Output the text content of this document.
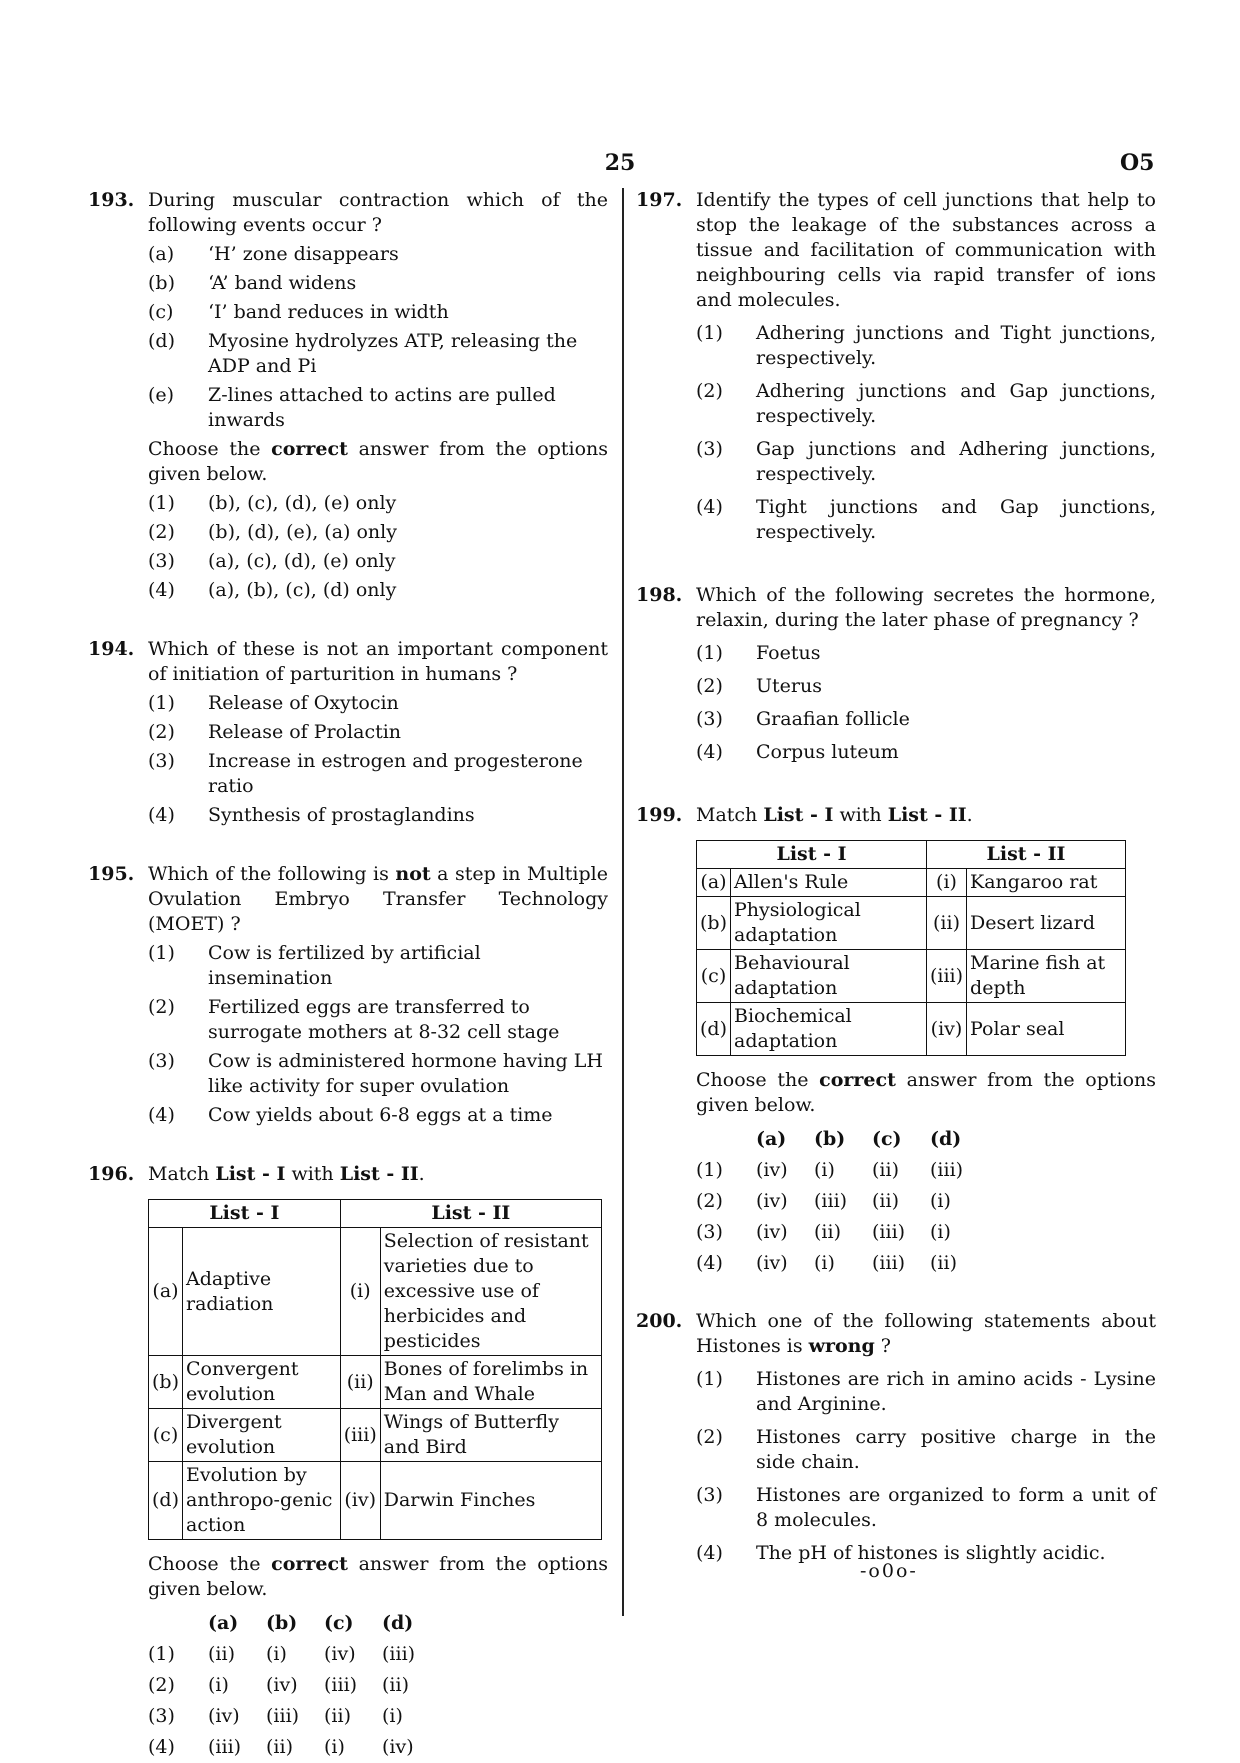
25	O5
193. During muscular contraction which of the following events occur ?
(a)	‘H’ zone disappears
(b)	‘A’ band widens
(c)	‘I’ band reduces in width
(d)	Myosine hydrolyzes ATP, releasing the ADP and Pi
(e)	Z-lines attached to actins are pulled inwards
Choose the correct answer from the options given below.
(1)	(b), (c), (d), (e) only
(2)	(b), (d), (e), (a) only
(3)	(a), (c), (d), (e) only
(4)	(a), (b), (c), (d) only
194. Which of these is not an important component of initiation of parturition in humans ?
(1)	Release of Oxytocin
(2)	Release of Prolactin
(3)	Increase in estrogen and progesterone ratio
(4)	Synthesis of prostaglandins
195. Which of the following is not a step in Multiple Ovulation Embryo Transfer Technology (MOET) ?
(1)	Cow is fertilized by artificial insemination
(2)	Fertilized eggs are transferred to surrogate mothers at 8-32 cell stage
(3)	Cow is administered hormone having LH like activity for super ovulation
(4)	Cow yields about 6-8 eggs at a time
196. Match List - I with List - II.
List - I		List - II	
(a)	Adaptive radiation	(i)	Selection of resistant varieties due to excessive use of herbicides and pesticides
(b)	Convergent evolution	(ii)	Bones of forelimbs in Man and Whale
(c)	Divergent evolution	(iii)	Wings of Butterfly and Bird
(d)	Evolution by anthropo-genic action	(iv)	Darwin Finches
Choose the correct answer from the options given below.
	(a)	(b)	(c)	(d)
(1)	(ii)	(i)	(iv)	(iii)
(2)	(i)	(iv)	(iii)	(ii)
(3)	(iv)	(iii)	(ii)	(i)
(4)	(iii)	(ii)	(i)	(iv)
197. Identify the types of cell junctions that help to stop the leakage of the substances across a tissue and facilitation of communication with neighbouring cells via rapid transfer of ions and molecules.
(1)	Adhering junctions and Tight junctions, respectively.
(2)	Adhering junctions and Gap junctions, respectively.
(3)	Gap junctions and Adhering junctions, respectively.
(4)	Tight junctions and Gap junctions, respectively.
198. Which of the following secretes the hormone, relaxin, during the later phase of pregnancy ?
(1)	Foetus
(2)	Uterus
(3)	Graafian follicle
(4)	Corpus luteum
199. Match List - I with List - II.
List - I		List - II	
(a)	Allen's Rule	(i)	Kangaroo rat
(b)	Physiological adaptation	(ii)	Desert lizard
(c)	Behavioural adaptation	(iii)	Marine fish at depth
(d)	Biochemical adaptation	(iv)	Polar seal
Choose the correct answer from the options given below.
	(a)	(b)	(c)	(d)
(1)	(iv)	(i)	(ii)	(iii)
(2)	(iv)	(iii)	(ii)	(i)
(3)	(iv)	(ii)	(iii)	(i)
(4)	(iv)	(i)	(iii)	(ii)
200. Which one of the following statements about Histones is wrong ?
(1)	Histones are rich in amino acids - Lysine and Arginine.
(2)	Histones carry positive charge in the side chain.
(3)	Histones are organized to form a unit of 8 molecules.
(4)	The pH of histones is slightly acidic.
-o0o-
